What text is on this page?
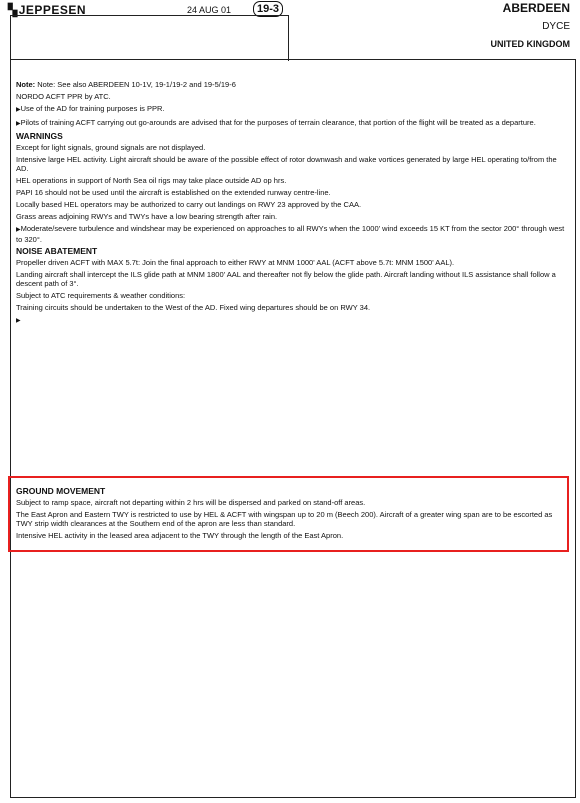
▚JEPPESEN	24 AUG 01	19-3	ABERDEEN
DYCE
UNITED KINGDOM

Note: Note: See also ABERDEEN 10-1V, 19-1/19-2 and 19-5/19-6

NORDO ACFT PPR by ATC.

▶Use of the AD for training purposes is PPR.

▶Pilots of training ACFT carrying out go-arounds are advised that for the purposes of terrain clearance, that portion of the flight will be treated as a departure.

WARNINGS

Except for light signals, ground signals are not displayed.

Intensive large HEL activity. Light aircraft should be aware of the possible effect of rotor downwash and wake vortices generated by large HEL operating to/from the AD.

HEL operations in support of North Sea oil rigs may take place outside AD op hrs.

PAPI 16 should not be used until the aircraft is established on the extended runway centre-line.

Locally based HEL operators may be authorized to carry out landings on RWY 23 approved by the CAA.

Grass areas adjoining RWYs and TWYs have a low bearing strength after rain.

▶Moderate/severe turbulence and windshear may be experienced on approaches to all RWYs when the 1000' wind exceeds 15 KT from the sector 200° through west to 320°.

NOISE ABATEMENT

Propeller driven ACFT with MAX 5.7t: Join the final approach to either RWY at MNM 1000' AAL (ACFT above 5.7t: MNM 1500' AAL).

Landing aircraft shall intercept the ILS glide path at MNM 1800' AAL and thereafter not fly below the glide path. Aircraft landing without ILS assistance shall follow a descent path of 3°.

Subject to ATC requirements & weather conditions:

Training circuits should be undertaken to the West of the AD. Fixed wing departures should be on RWY 34.

▶

GROUND MOVEMENT

Subject to ramp space, aircraft not departing within 2 hrs will be dispersed and parked on stand-off areas.

The East Apron and Eastern TWY is restricted to use by HEL & ACFT with wingspan up to 20 m (Beech 200). Aircraft of a greater wing span are to be escorted as TWY strip width clearances at the Southern end of the apron are less than standard.

Intensive HEL activity in the leased area adjacent to the TWY through the length of the East Apron.
